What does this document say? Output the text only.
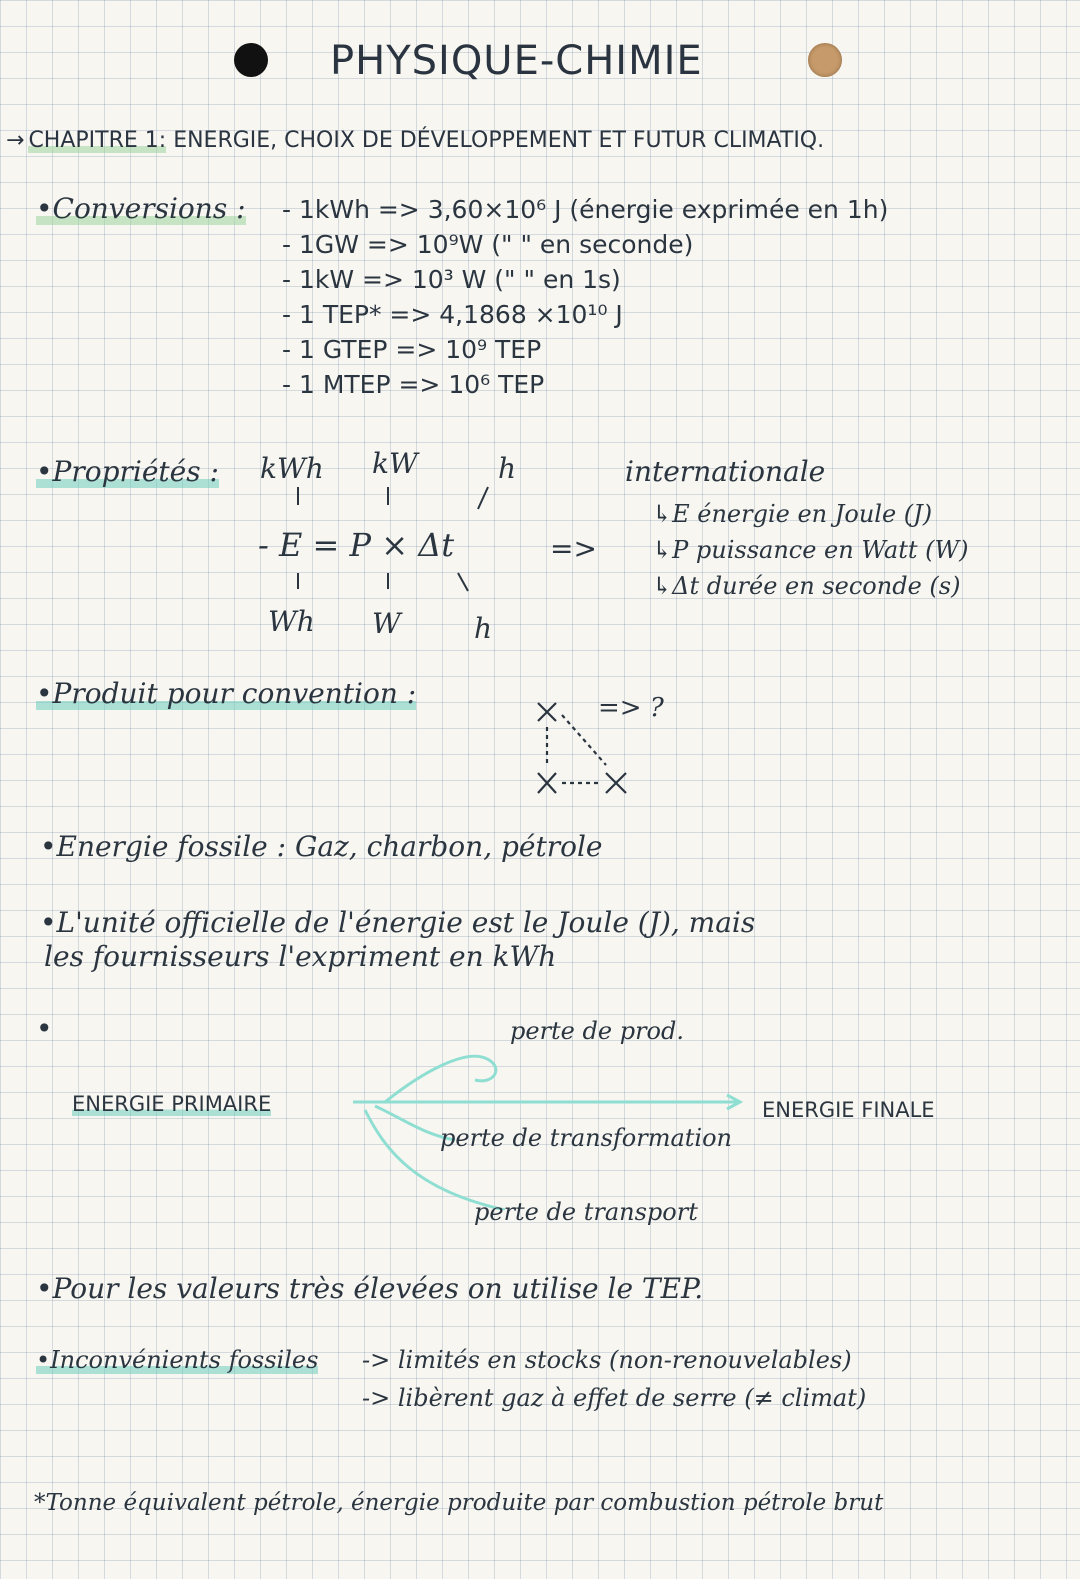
PHYSIQUE-CHIMIE
→ CHAPITRE 1: ENERGIE, CHOIX DE DÉVELOPPEMENT ET FUTUR CLIMATIQ.
•Conversions : - 1kWh => 3,60×10⁶ J (énergie exprimée en 1h)
- 1GW => 10⁹W (" " en seconde)
- 1kW => 10³ W (" " en 1s)
- 1 TEP* => 4,1868 ×10¹⁰ J
- 1 GTEP => 10⁹ TEP
- 1 MTEP => 10⁶ TEP
•Propriétés : kWh kW	h
- E = P × Δt
Wh W	h
=>
internationale
↳E énergie en Joule (J)
↳P puissance en Watt (W)
↳Δt durée en seconde (s)
•Produit pour convention :	=> ?
•Energie fossile : Gaz, charbon, pétrole
•L'unité officielle de l'énergie est le Joule (J), mais
les fournisseurs l'expriment en kWh
•	perte de prod.
ENERGIE PRIMAIRE	ENERGIE FINALE
perte de transformation
perte de transport
•Pour les valeurs très élevées on utilise le TEP.
•Inconvénients fossiles -> limités en stocks (non-renouvelables)
-> libèrent gaz à effet de serre (≠ climat)
*Tonne équivalent pétrole, énergie produite par combustion pétrole brut
